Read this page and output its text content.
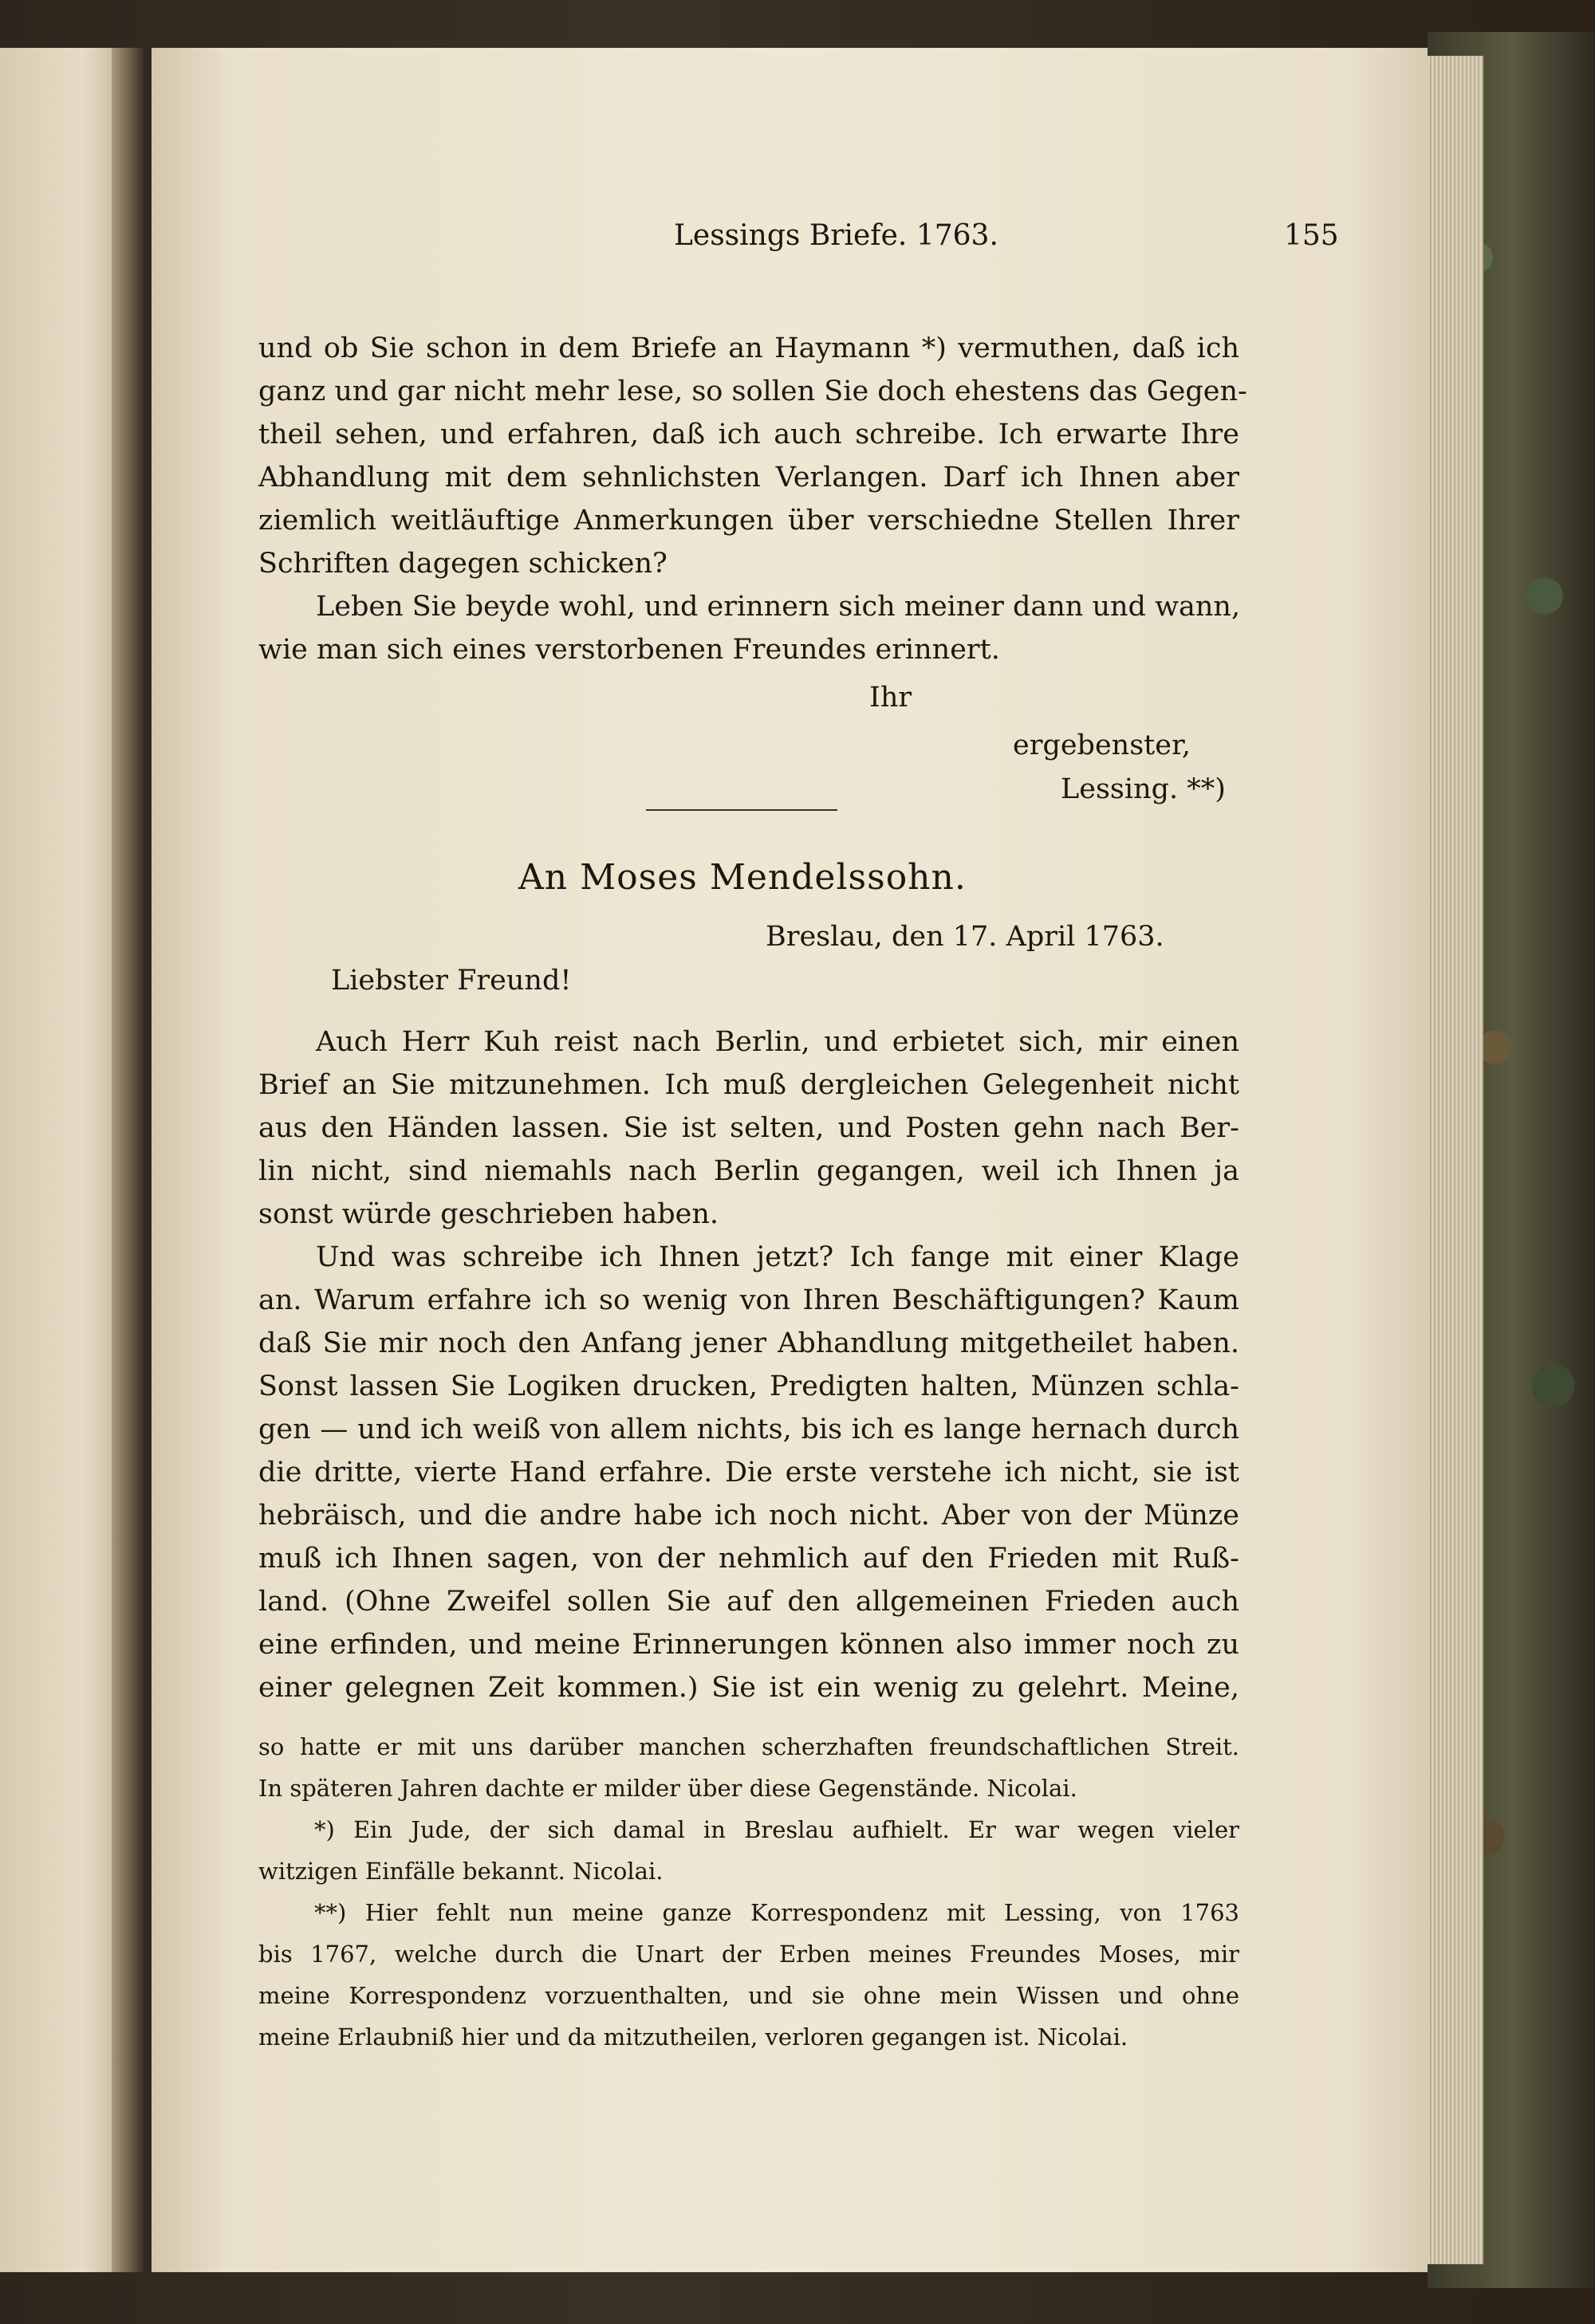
Lessings Briefe. 1763.	155
und ob Sie schon in dem Briefe an Haymann *) vermuthen, daß ich
ganz und gar nicht mehr lese, so sollen Sie doch ehestens das Gegen-
theil sehen, und erfahren, daß ich auch schreibe. Ich erwarte Ihre
Abhandlung mit dem sehnlichsten Verlangen. Darf ich Ihnen aber
ziemlich weitläuftige Anmerkungen über verschiedne Stellen Ihrer
Schriften dagegen schicken?
Leben Sie beyde wohl, und erinnern sich meiner dann und wann,
wie man sich eines verstorbenen Freundes erinnert.
Ihr
ergebenster,
Lessing. **)
An Moses Mendelssohn.
Breslau, den 17. April 1763.
Liebster Freund!
Auch Herr Kuh reist nach Berlin, und erbietet sich, mir einen
Brief an Sie mitzunehmen. Ich muß dergleichen Gelegenheit nicht
aus den Händen lassen. Sie ist selten, und Posten gehn nach Ber-
lin nicht, sind niemahls nach Berlin gegangen, weil ich Ihnen ja
sonst würde geschrieben haben.
Und was schreibe ich Ihnen jetzt? Ich fange mit einer Klage
an. Warum erfahre ich so wenig von Ihren Beschäftigungen? Kaum
daß Sie mir noch den Anfang jener Abhandlung mitgetheilet haben.
Sonst lassen Sie Logiken drucken, Predigten halten, Münzen schla-
gen — und ich weiß von allem nichts, bis ich es lange hernach durch
die dritte, vierte Hand erfahre. Die erste verstehe ich nicht, sie ist
hebräisch, und die andre habe ich noch nicht. Aber von der Münze
muß ich Ihnen sagen, von der nehmlich auf den Frieden mit Ruß-
land. (Ohne Zweifel sollen Sie auf den allgemeinen Frieden auch
eine erfinden, und meine Erinnerungen können also immer noch zu
einer gelegnen Zeit kommen.) Sie ist ein wenig zu gelehrt. Meine,
so hatte er mit uns darüber manchen scherzhaften freundschaftlichen Streit.
In späteren Jahren dachte er milder über diese Gegenstände. Nicolai.
*) Ein Jude, der sich damal in Breslau aufhielt. Er war wegen vieler
witzigen Einfälle bekannt. Nicolai.
**) Hier fehlt nun meine ganze Korrespondenz mit Lessing, von 1763
bis 1767, welche durch die Unart der Erben meines Freundes Moses, mir
meine Korrespondenz vorzuenthalten, und sie ohne mein Wissen und ohne
meine Erlaubniß hier und da mitzutheilen, verloren gegangen ist. Nicolai.
